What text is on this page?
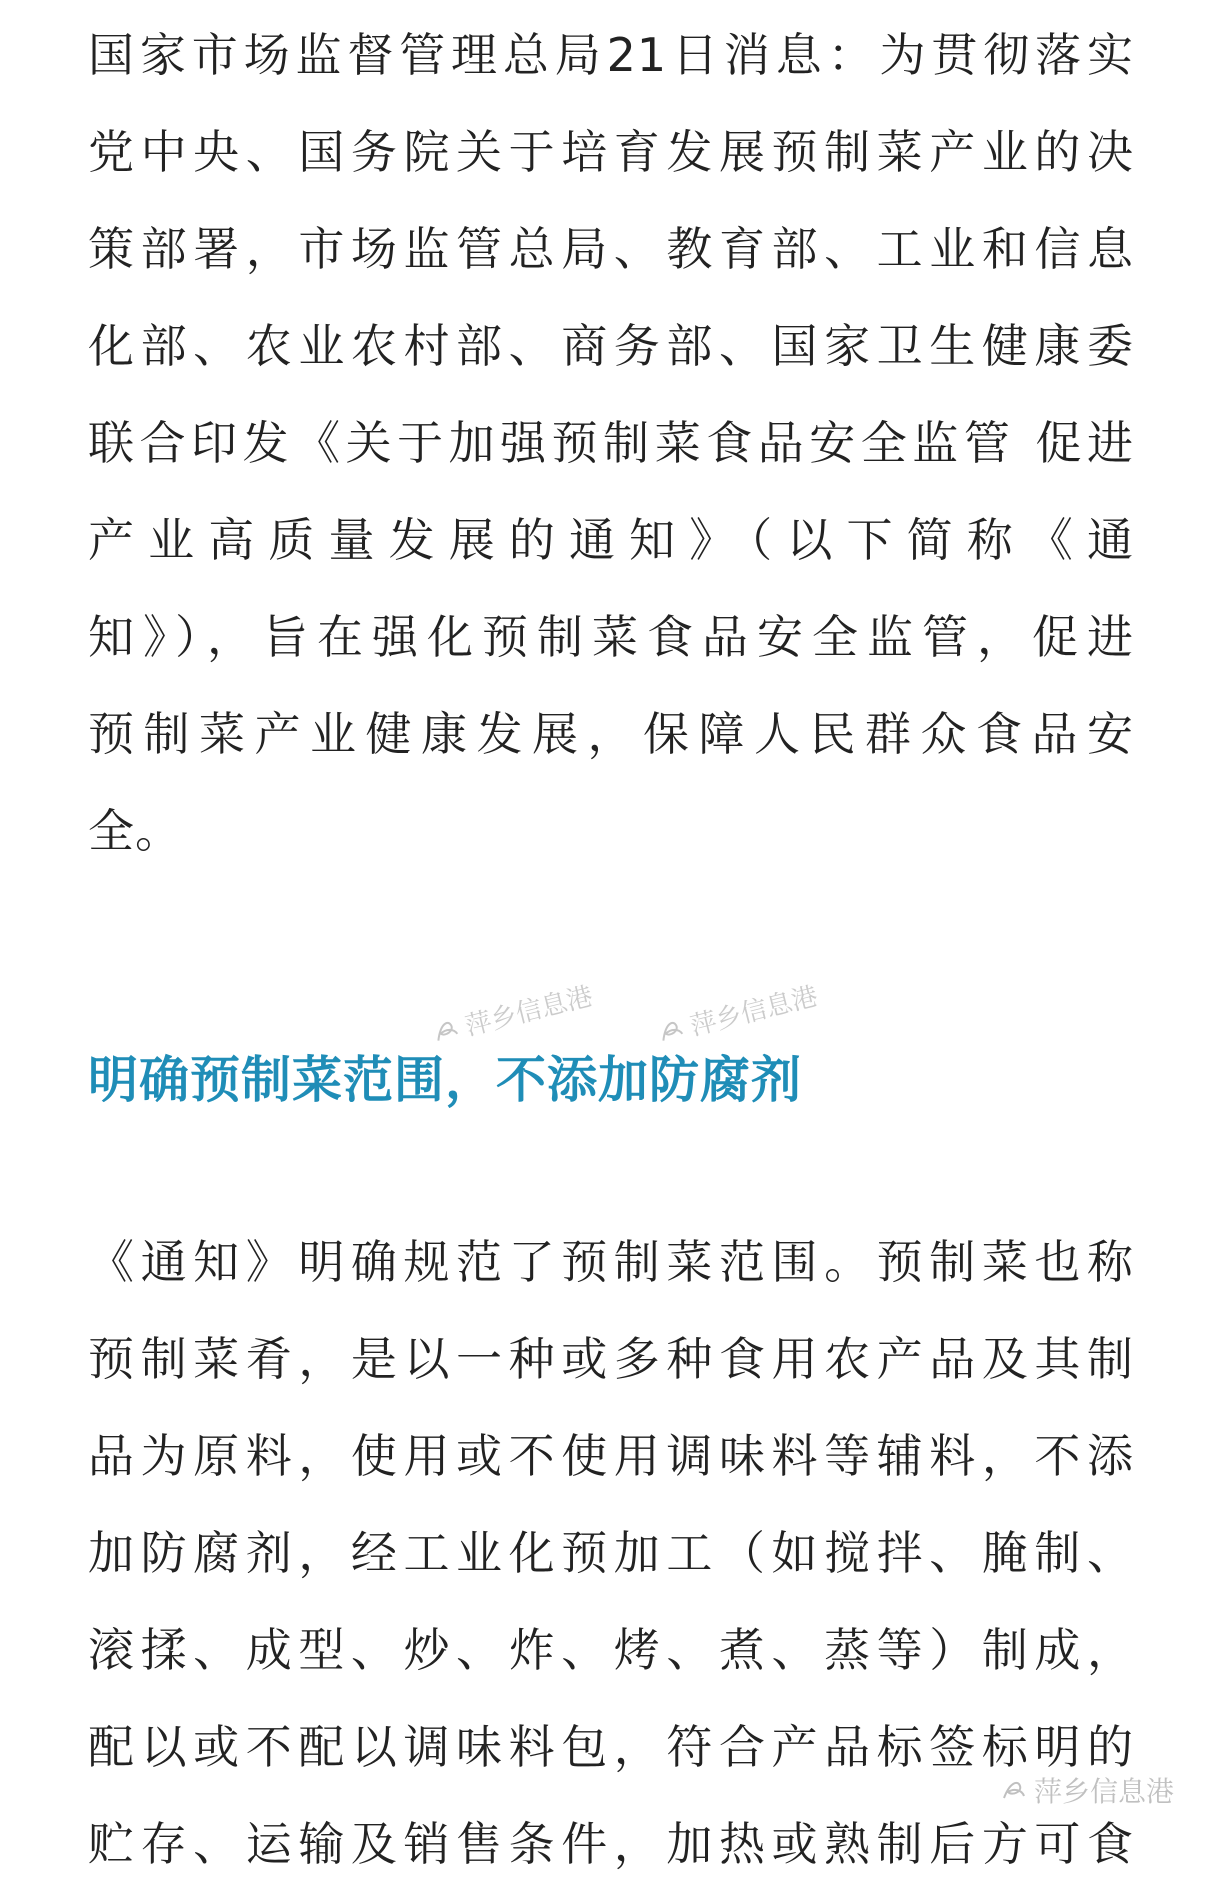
国家市场监督管理总局21日消息：为贯彻落实
党中央、国务院关于培育发展预制菜产业的决
策部署，市场监管总局、教育部、工业和信息
化部、农业农村部、商务部、国家卫生健康委
联合印发《关于加强预制菜食品安全监管 促进
产业高质量发展的通知》（以下简称《通
知》），旨在强化预制菜食品安全监管，促进
预制菜产业健康发展，保障人民群众食品安
全。

明确预制菜范围，不添加防腐剂

《通知》明确规范了预制菜范围。预制菜也称
预制菜肴，是以一种或多种食用农产品及其制
品为原料，使用或不使用调味料等辅料，不添
加防腐剂，经工业化预加工（如搅拌、腌制、
滚揉、成型、炒、炸、烤、煮、蒸等）制成，
配以或不配以调味料包，符合产品标签标明的
贮存、运输及销售条件，加热或熟制后方可食

萍乡信息港	萍乡信息港
萍乡信息港
